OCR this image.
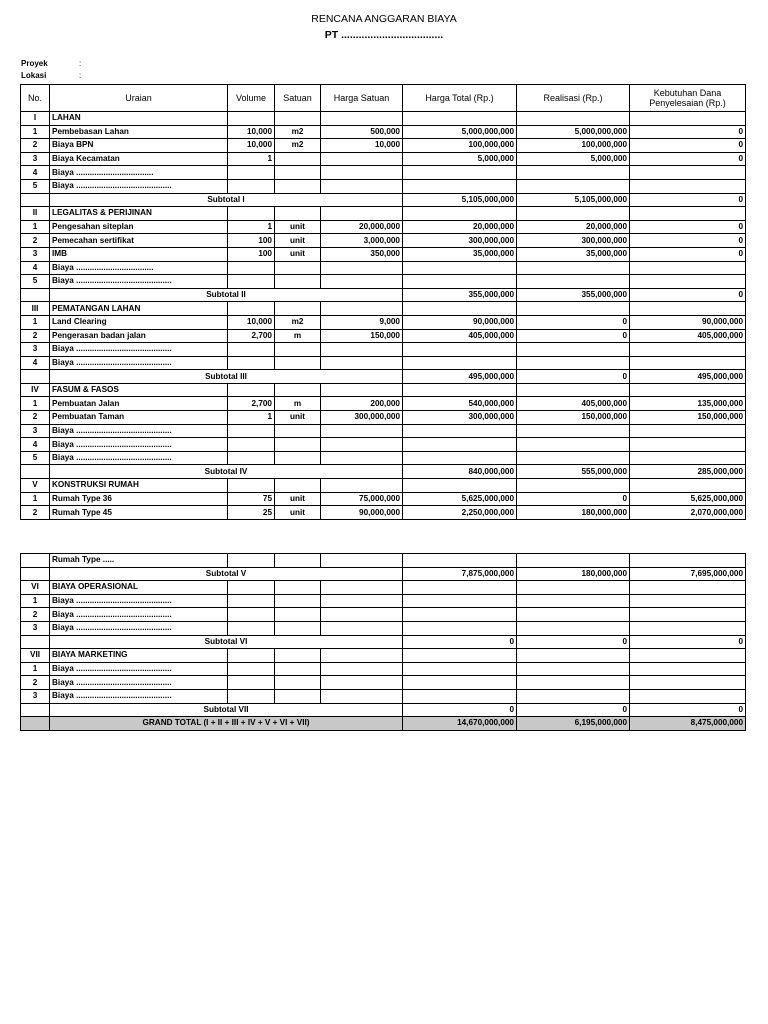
RENCANA ANGGARAN BIAYA
PT ...................................
Proyek	:
Lokasi	:
No.	Uraian	Volume	Satuan	Harga Satuan	Harga Total (Rp.)	Realisasi (Rp.)	Kebutuhan Dana Penyelesaian (Rp.)
I	LAHAN						
1	Pembebasan Lahan	10,000	m2	500,000	5,000,000,000	5,000,000,000	0
2	Biaya BPN	10,000	m2	10,000	100,000,000	100,000,000	0
3	Biaya Kecamatan	1			5,000,000	5,000,000	0
4	Biaya ..................................						
5	Biaya ..........................................						
	Subtotal I				5,105,000,000	5,105,000,000	0
II	LEGALITAS & PERIJINAN						
1	Pengesahan siteplan	1	unit	20,000,000	20,000,000	20,000,000	0
2	Pemecahan sertifikat	100	unit	3,000,000	300,000,000	300,000,000	0
3	IMB	100	unit	350,000	35,000,000	35,000,000	0
4	Biaya ..................................						
5	Biaya ..........................................						
	Subtotal II				355,000,000	355,000,000	0
III	PEMATANGAN LAHAN						
1	Land Clearing	10,000	m2	9,000	90,000,000	0	90,000,000
2	Pengerasan badan jalan	2,700	m	150,000	405,000,000	0	405,000,000
3	Biaya ..........................................						
4	Biaya ..........................................						
	Subtotal III				495,000,000	0	495,000,000
IV	FASUM & FASOS						
1	Pembuatan Jalan	2,700	m	200,000	540,000,000	405,000,000	135,000,000
2	Pembuatan Taman	1	unit	300,000,000	300,000,000	150,000,000	150,000,000
3	Biaya ..........................................						
4	Biaya ..........................................						
5	Biaya ..........................................						
	Subtotal IV				840,000,000	555,000,000	285,000,000
V	KONSTRUKSI RUMAH						
1	Rumah Type 36	75	unit	75,000,000	5,625,000,000	0	5,625,000,000
2	Rumah Type 45	25	unit	90,000,000	2,250,000,000	180,000,000	2,070,000,000
	Rumah Type .....						
	Subtotal V				7,875,000,000	180,000,000	7,695,000,000
VI	BIAYA OPERASIONAL						
1	Biaya ..........................................						
2	Biaya ..........................................						
3	Biaya ..........................................						
	Subtotal VI				0	0	0
VII	BIAYA MARKETING						
1	Biaya ..........................................						
2	Biaya ..........................................						
3	Biaya ..........................................						
	Subtotal VII				0	0	0
	GRAND TOTAL (I + II + III + IV + V + VI + VII)				14,670,000,000	6,195,000,000	8,475,000,000
